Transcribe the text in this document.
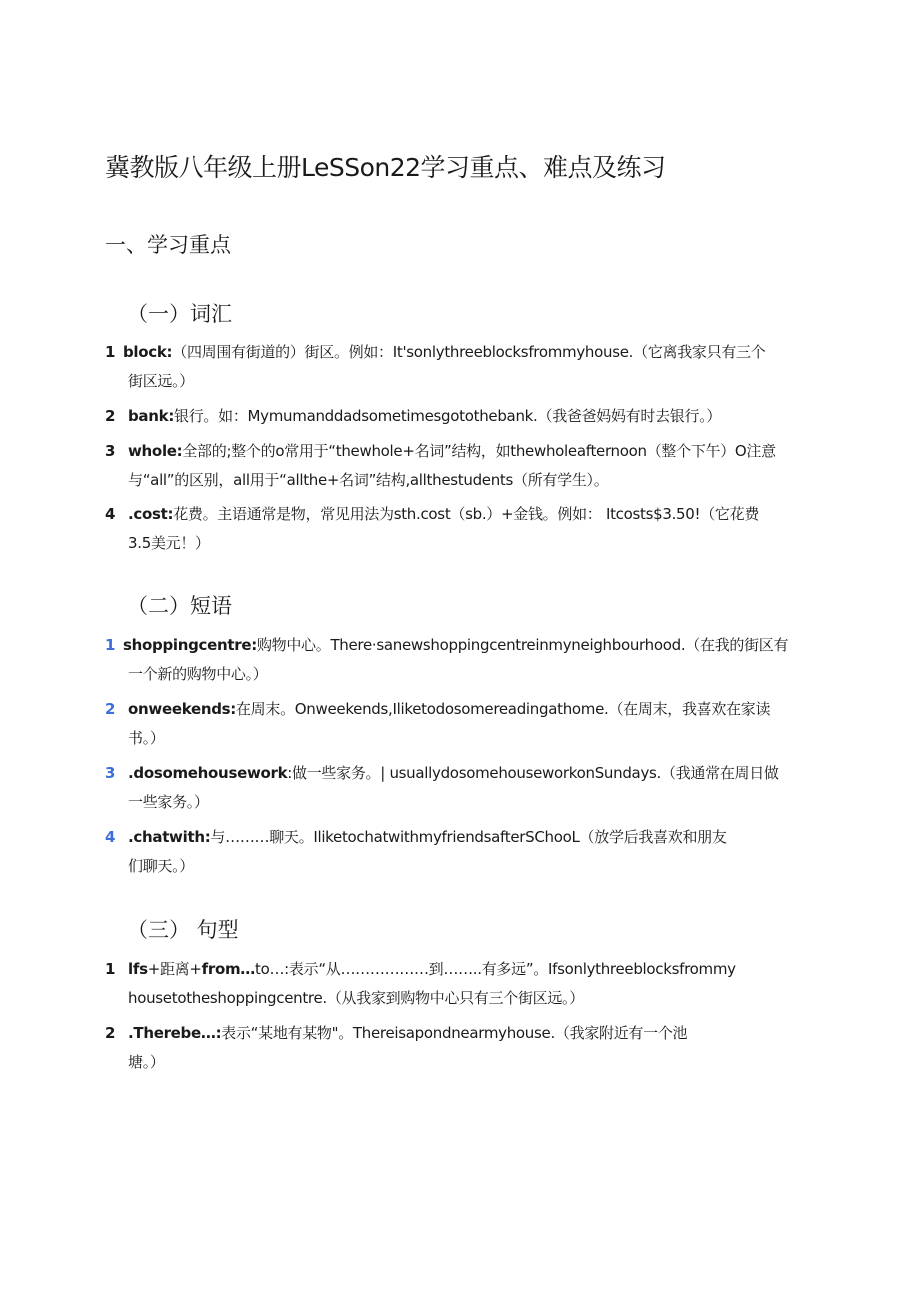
冀教版八年级上册LeSSon22学习重点、难点及练习
一、学习重点
（一）词汇
1 block:（四周围有街道的）街区。例如：It'sonlythreeblocksfrommyhouse.（它离我家只有三个
街区远。）
2 bank:银行。如：Mymumanddadsometimesgotothebank.（我爸爸妈妈有时去银行。）
3 whole:全部的;整个的o常用于“thewhole+名词”结构，如thewholeafternoon（整个下午）O注意
与“all”的区别，all用于“allthe+名词”结构,allthestudents（所有学生）。
4 .cost:花费。主语通常是物，常见用法为sth.cost（sb.）+金钱。例如： Itcosts$3.50!（它花费
3.5美元！）
（二）短语
1 shoppingcentre:购物中心。There·sanewshoppingcentreinmyneighbourhood.（在我的街区有
一个新的购物中心。）
2 onweekends:在周末。Onweekends,Iliketodosomereadingathome.（在周末，我喜欢在家读
书。）
3 .dosomehousework:做一些家务。| usuallydosomehouseworkonSundays.（我通常在周日做
一些家务。）
4 .chatwith:与………聊天。IliketochatwithmyfriendsafterSChooL（放学后我喜欢和朋友
们聊天。）
（三） 句型
1 lfs+距离+from…to…:表示“从………………到……..有多远”。Ifsonlythreeblocksfrommy
housetotheshoppingcentre.（从我家到购物中心只有三个街区远。）
2 .Therebe…:表示“某地有某物"。Thereisapondnearmyhouse.（我家附近有一个池
塘。）
